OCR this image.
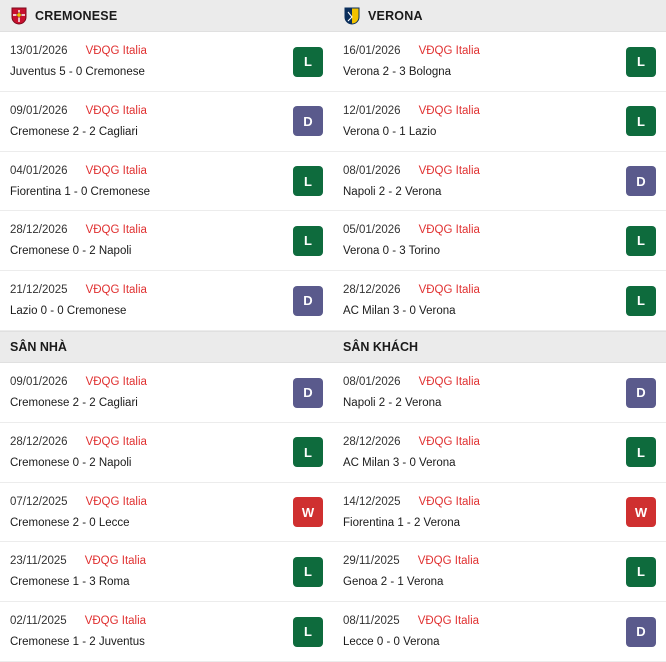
CREMONESE
13/01/2026 VĐQG Italia
Juventus 5 - 0 Cremonese
L
09/01/2026 VĐQG Italia
Cremonese 2 - 2 Cagliari
D
04/01/2026 VĐQG Italia
Fiorentina 1 - 0 Cremonese
L
28/12/2026 VĐQG Italia
Cremonese 0 - 2 Napoli
L
21/12/2025 VĐQG Italia
Lazio 0 - 0 Cremonese
D
SÂN NHÀ
09/01/2026 VĐQG Italia
Cremonese 2 - 2 Cagliari
D
28/12/2026 VĐQG Italia
Cremonese 0 - 2 Napoli
L
07/12/2025 VĐQG Italia
Cremonese 2 - 0 Lecce
W
23/11/2025 VĐQG Italia
Cremonese 1 - 3 Roma
L
02/11/2025 VĐQG Italia
Cremonese 1 - 2 Juventus
L
VERONA
16/01/2026 VĐQG Italia
Verona 2 - 3 Bologna
L
12/01/2026 VĐQG Italia
Verona 0 - 1 Lazio
L
08/01/2026 VĐQG Italia
Napoli 2 - 2 Verona
D
05/01/2026 VĐQG Italia
Verona 0 - 3 Torino
L
28/12/2026 VĐQG Italia
AC Milan 3 - 0 Verona
L
SÂN KHÁCH
08/01/2026 VĐQG Italia
Napoli 2 - 2 Verona
D
28/12/2026 VĐQG Italia
AC Milan 3 - 0 Verona
L
14/12/2025 VĐQG Italia
Fiorentina 1 - 2 Verona
W
29/11/2025 VĐQG Italia
Genoa 2 - 1 Verona
L
08/11/2025 VĐQG Italia
Lecce 0 - 0 Verona
D
